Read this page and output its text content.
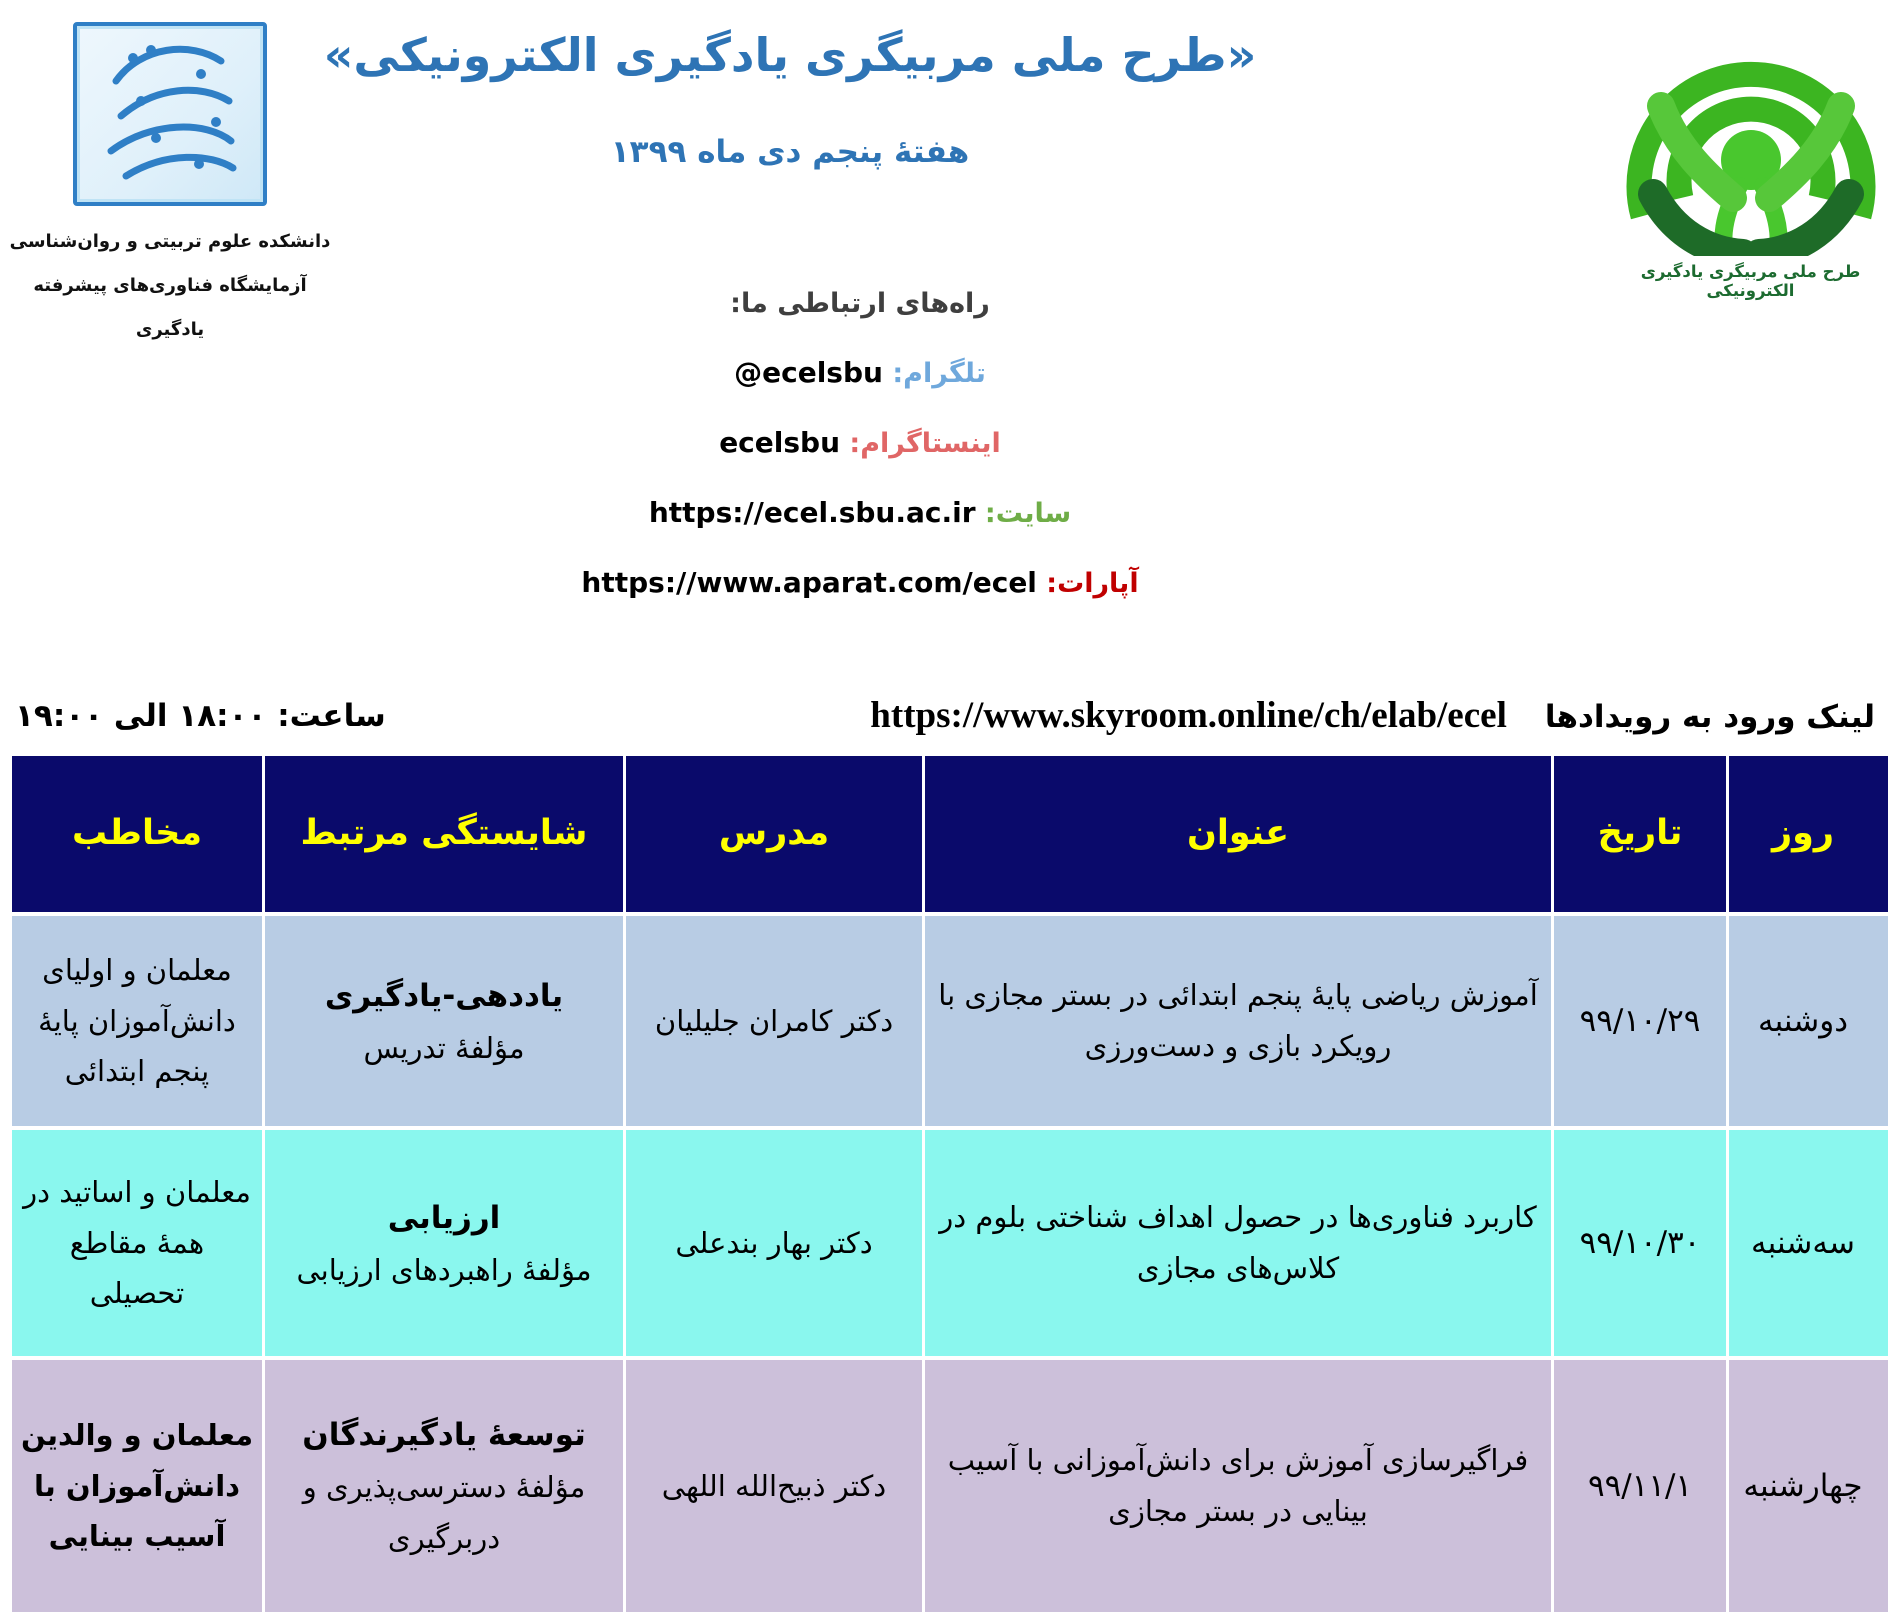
دانشکده علوم تربیتی و روان‌شناسی
آزمایشگاه فناوری‌های پیشرفته یادگیری
«طرح ملی مربیگری یادگیری الکترونیکی»
هفتهٔ پنجم دی ماه ۱۳۹۹
راه‌های ارتباطی ما:
تلگرام: @ecelsbu
اینستاگرام: ecelsbu
سایت: https://ecel.sbu.ac.ir
آپارات: https://www.aparat.com/ecel
طرح ملی مربیگری یادگیری الکترونیکی
ساعت: ۱۸:۰۰ الی ۱۹:۰۰	لینک ورود به رویدادها
https://www.skyroom.online/ch/elab/ecel
روز
تاریخ
عنوان
مدرس
شایستگی مرتبط
مخاطب
دوشنبه
۹۹/۱۰/۲۹
آموزش ریاضی پایهٔ پنجم ابتدائی در بستر مجازی با رویکرد بازی و دست‌ورزی
دکتر کامران جلیلیان
یاددهی-یادگیری
مؤلفهٔ تدریس
معلمان و اولیای دانش‌آموزان پایهٔ پنجم ابتدائی
سه‌شنبه
۹۹/۱۰/۳۰
کاربرد فناوری‌ها در حصول اهداف شناختی بلوم در کلاس‌های مجازی
دکتر بهار بندعلی
ارزیابی
مؤلفهٔ راهبردهای ارزیابی
معلمان و اساتید در همهٔ مقاطع تحصیلی
چهارشنبه
۹۹/۱۱/۱
فراگیرسازی آموزش برای دانش‌آموزانی با آسیب بینایی در بستر مجازی
دکتر ذبیح‌الله اللهی
توسعهٔ یادگیرندگان
مؤلفهٔ دسترسی‌پذیری و دربرگیری
معلمان و والدین دانش‌آموزان با آسیب بینایی
